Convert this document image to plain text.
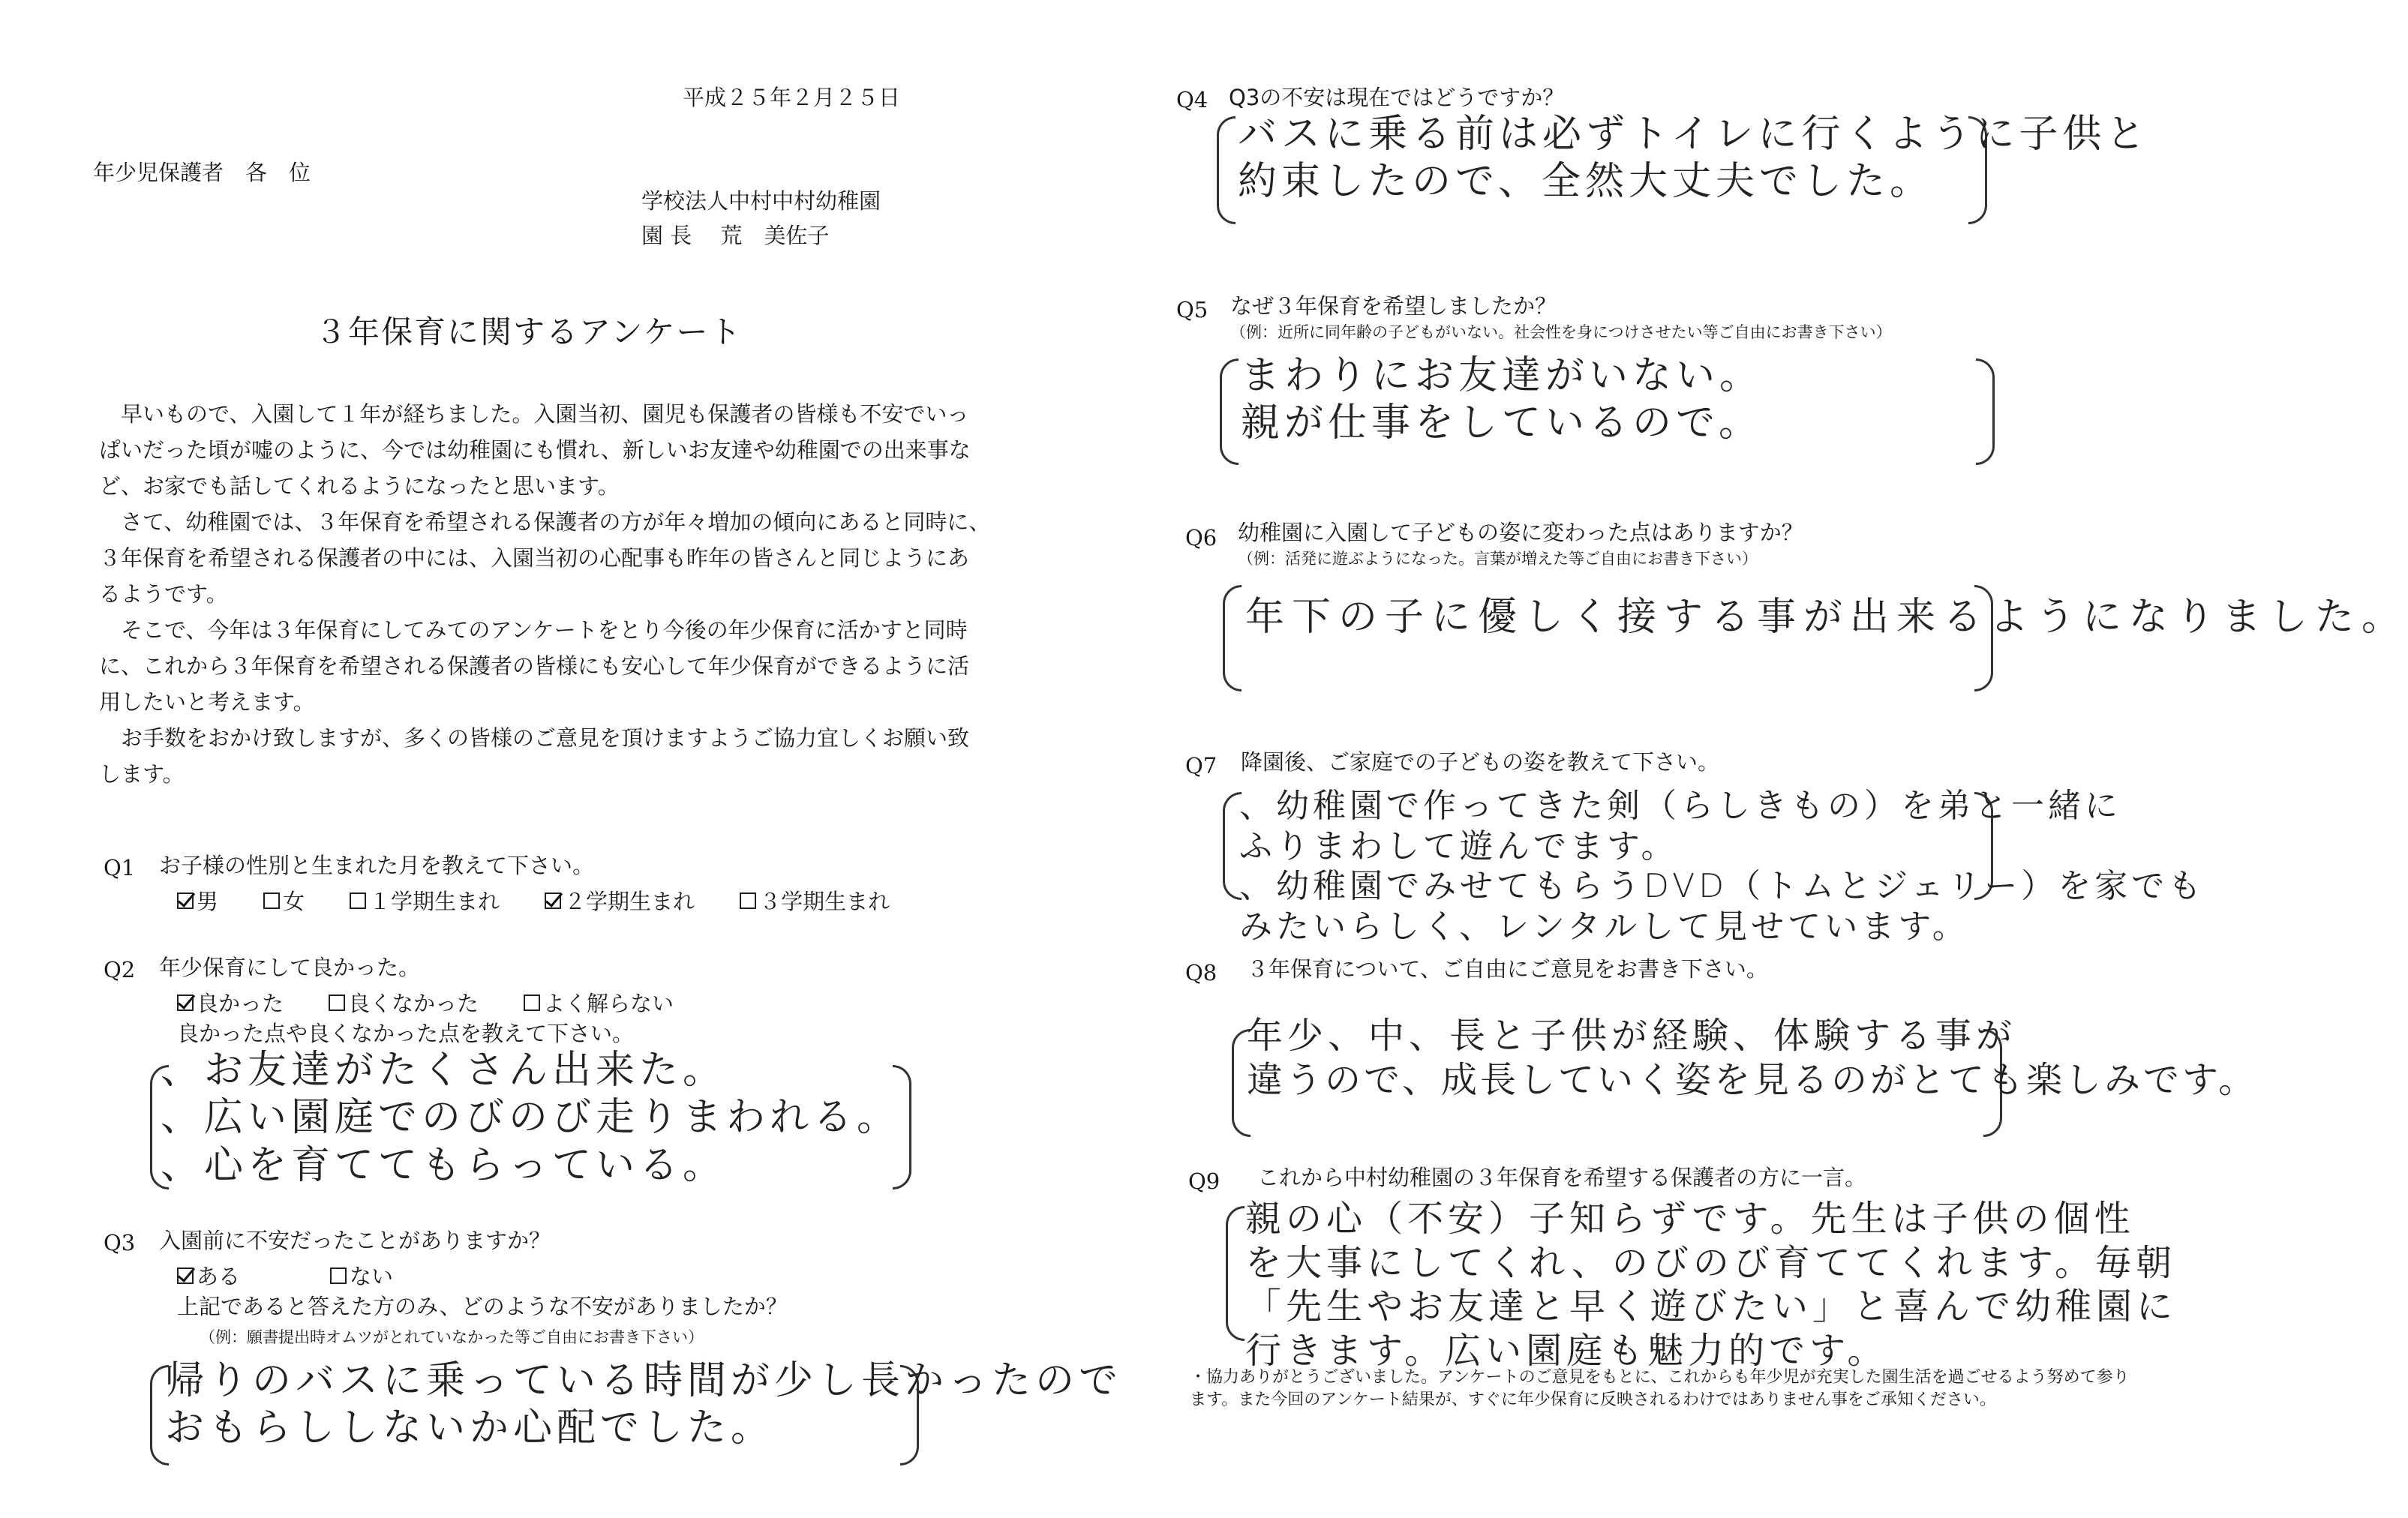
平成２５年２月２５日
年少児保護者　各　位
学校法人中村中村幼稚園
園 長　 荒　美佐子
３年保育に関するアンケート
　早いもので、入園して１年が経ちました。入園当初、園児も保護者の皆様も不安でいっ
ぱいだった頃が嘘のように、今では幼稚園にも慣れ、新しいお友達や幼稚園での出来事な
ど、お家でも話してくれるようになったと思います。
　さて、幼稚園では、３年保育を希望される保護者の方が年々増加の傾向にあると同時に、
３年保育を希望される保護者の中には、入園当初の心配事も昨年の皆さんと同じようにあ
るようです。
　そこで、今年は３年保育にしてみてのアンケートをとり今後の年少保育に活かすと同時
に、これから３年保育を希望される保護者の皆様にも安心して年少保育ができるように活
用したいと考えます。
　お手数をおかけ致しますが、多くの皆様のご意見を頂けますようご協力宜しくお願い致
します。
Q1 お子様の性別と生まれた月を教えて下さい。
男	女	１学期生まれ	２学期生まれ	３学期生まれ
Q2 年少保育にして良かった。
良かった	良くなかった	よく解らない
良かった点や良くなかった点を教えて下さい。
、お友達がたくさん出来た。
、広い園庭でのびのび走りまわれる。
、心を育ててもらっている。
Q3 入園前に不安だったことがありますか？
ある	ない
上記であると答えた方のみ、どのような不安がありましたか？
（例：願書提出時オムツがとれていなかった等ご自由にお書き下さい）
帰りのバスに乗っている時間が少し長かったので
おもらししないか心配でした。
Q4 Q3の不安は現在ではどうですか？
バスに乗る前は必ずトイレに行くように子供と
約束したので、全然大丈夫でした。
Q5 なぜ３年保育を希望しましたか？
（例：近所に同年齢の子どもがいない。社会性を身につけさせたい等ご自由にお書き下さい）
まわりにお友達がいない。
親が仕事をしているので。
Q6 幼稚園に入園して子どもの姿に変わった点はありますか？
（例：活発に遊ぶようになった。言葉が増えた等ご自由にお書き下さい）
年下の子に優しく接する事が出来るようになりました。
Q7 降園後、ご家庭での子どもの姿を教えて下さい。
、幼稚園で作ってきた剣（らしきもの）を弟と一緒に
ふりまわして遊んでます。
、幼稚園でみせてもらうDVD（トムとジェリー）を家でも
みたいらしく、レンタルして見せています。
Q8 ３年保育について、ご自由にご意見をお書き下さい。
年少、中、長と子供が経験、体験する事が
違うので、成長していく姿を見るのがとても楽しみです。
Q9 これから中村幼稚園の３年保育を希望する保護者の方に一言。
親の心（不安）子知らずです。先生は子供の個性
を大事にしてくれ、のびのび育ててくれます。毎朝
「先生やお友達と早く遊びたい」と喜んで幼稚園に
行きます。広い園庭も魅力的です。
・協力ありがとうございました。アンケートのご意見をもとに、これからも年少児が充実した園生活を過ごせるよう努めて参り
ます。また今回のアンケート結果が、すぐに年少保育に反映されるわけではありません事をご承知ください。
